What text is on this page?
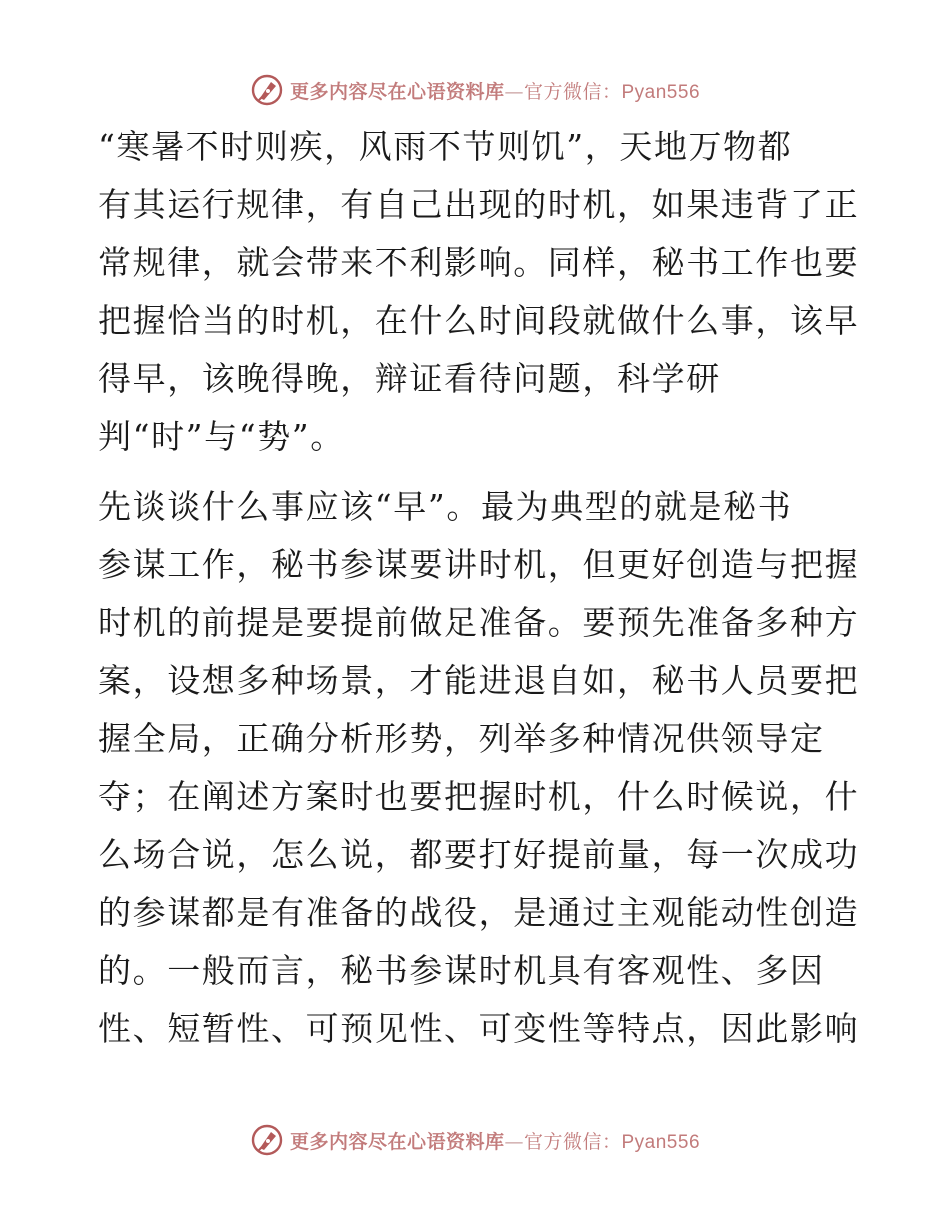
更多内容尽在心语资料库—官方微信：Pyan556
“寒暑不时则疾，风雨不节则饥”，天地万物都
有其运行规律，有自己出现的时机，如果违背了正
常规律，就会带来不利影响。同样，秘书工作也要
把握恰当的时机，在什么时间段就做什么事，该早
得早，该晚得晚，辩证看待问题，科学研
判“时”与“势”。
先谈谈什么事应该“早”。最为典型的就是秘书
参谋工作，秘书参谋要讲时机，但更好创造与把握
时机的前提是要提前做足准备。要预先准备多种方
案，设想多种场景，才能进退自如，秘书人员要把
握全局，正确分析形势，列举多种情况供领导定
夺；在阐述方案时也要把握时机，什么时候说，什
么场合说，怎么说，都要打好提前量，每一次成功
的参谋都是有准备的战役，是通过主观能动性创造
的。一般而言，秘书参谋时机具有客观性、多因
性、短暂性、可预见性、可变性等特点，因此影响
更多内容尽在心语资料库—官方微信：Pyan556
